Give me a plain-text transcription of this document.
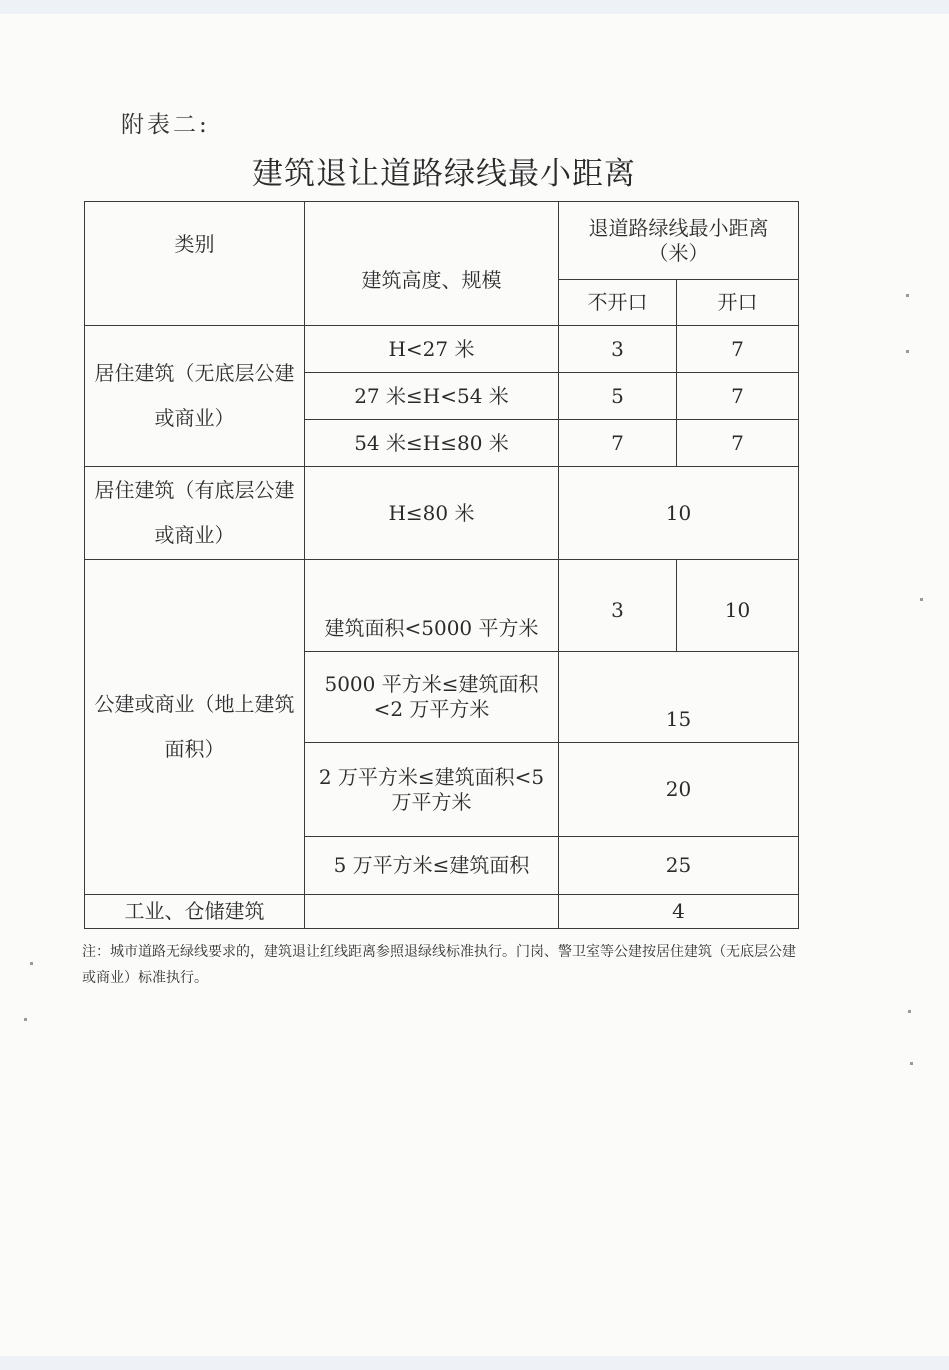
附表二:
建筑退让道路绿线最小距离
类别	建筑高度、规模	退道路绿线最小距离（米）	
		不开口	开口
居住建筑（无底层公建或商业）	H<27 米	3	7
	27 米≤H<54 米	5	7
	54 米≤H≤80 米	7	7
居住建筑（有底层公建或商业）	H≤80 米	10	
公建或商业（地上建筑面积）	建筑面积<5000 平方米	3	10
	5000 平方米≤建筑面积<2 万平方米	15	
	2 万平方米≤建筑面积<5 万平方米	20	
	5 万平方米≤建筑面积	25	
工业、仓储建筑		4	
注：城市道路无绿线要求的，建筑退让红线距离参照退绿线标准执行。门岗、警卫室等公建按居住建筑（无底层公建或商业）标准执行。
